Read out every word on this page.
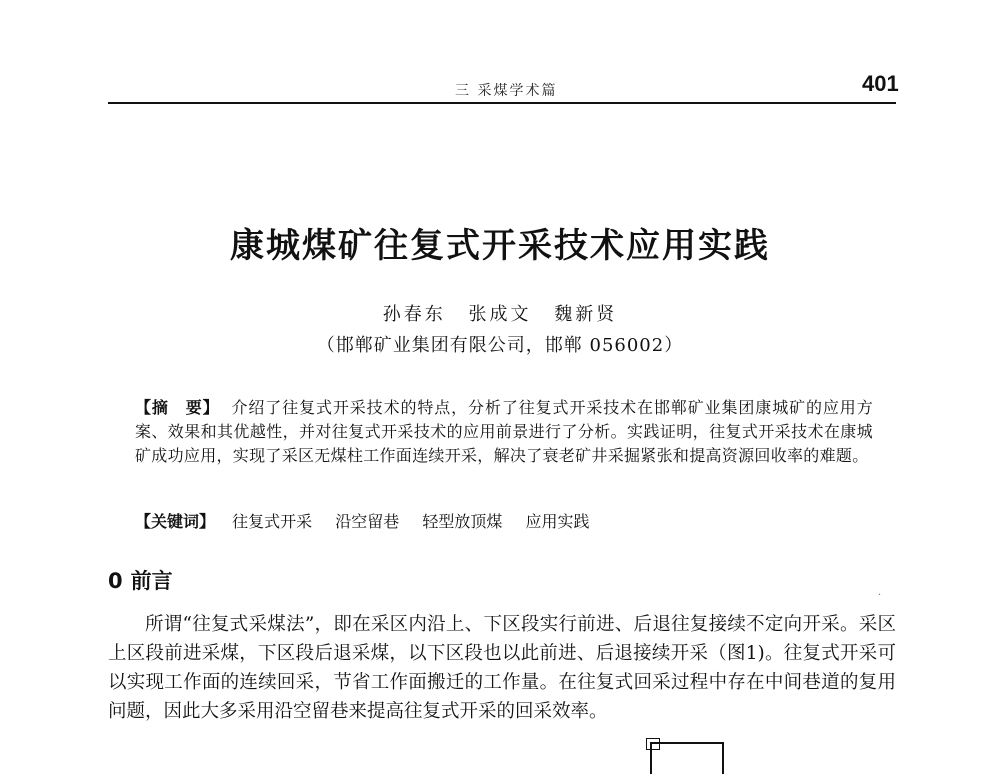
三 采煤学术篇	401
康城煤矿往复式开采技术应用实践
孙春东 张成文 魏新贤
（邯郸矿业集团有限公司，邯郸 056002）
【摘　要】 介绍了往复式开采技术的特点，分析了往复式开采技术在邯郸矿业集团康城矿的应用方案、效果和其优越性，并对往复式开采技术的应用前景进行了分析。实践证明，往复式开采技术在康城矿成功应用，实现了采区无煤柱工作面连续开采，解决了衰老矿井采掘紧张和提高资源回收率的难题。
【关键词】 往复式开采 沿空留巷 轻型放顶煤 应用实践
0 前言

所谓“往复式采煤法”，即在采区内沿上、下区段实行前进、后退往复接续不定向开采。采区上区段前进采煤，下区段后退采煤，以下区段也以此前进、后退接续开采（图1)。往复式开采可以实现工作面的连续回采，节省工作面搬迁的工作量。在往复式回采过程中存在中间巷道的复用问题，因此大多采用沿空留巷来提高往复式开采的回采效率。

·
